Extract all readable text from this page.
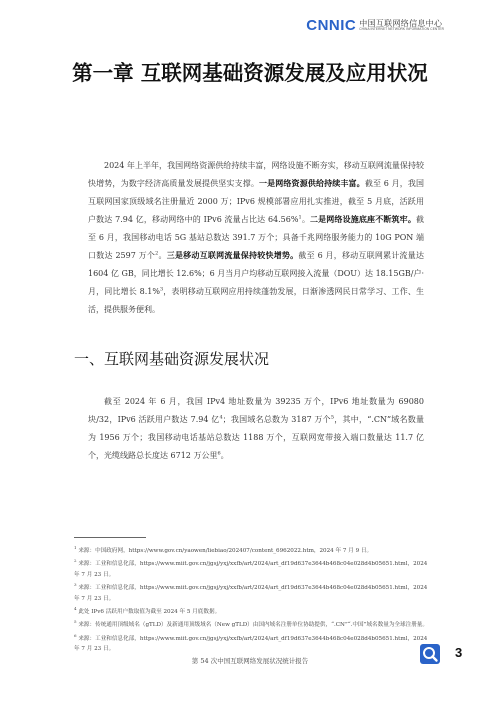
CNNIC 中国互联网络信息中心
CHINA INTERNET NETWORK INFORMATION CENTER
第一章 互联网基础资源发展及应用状况

2024 年上半年，我国网络资源供给持续丰富，网络设施不断夯实，移动互联网流量保持较快增势，为数字经济高质量发展提供坚实支撑。一是网络资源供给持续丰富。截至 6 月，我国互联网国家顶级域名注册量近 2000 万；IPv6 规模部署应用扎实推进，截至 5 月底，活跃用户数达 7.94 亿，移动网络中的 IPv6 流量占比达 64.56%$^1$。二是网络设施底座不断筑牢。截至 6 月，我国移动电话 5G 基站总数达 391.7 万个；具备千兆网络服务能力的 10G PON 端口数达 2597 万个$^2$。三是移动互联网流量保持较快增势。截至 6 月，移动互联网累计流量达 1604 亿 GB，同比增长 12.6%；6 月当月户均移动互联网接入流量（DOU）达 18.15GB/户·月，同比增长 8.1%$^3$，表明移动互联网应用持续蓬勃发展，日渐渗透网民日常学习、工作、生活，提供服务便利。

一、互联网基础资源发展状况

截至 2024 年 6 月，我国 IPv4 地址数量为 39235 万个，IPv6 地址数量为 69080 块/32，IPv6 活跃用户数达 7.94 亿$^4$；我国域名总数为 3187 万个$^5$，其中，“.CN”域名数量为 1956 万个；我国移动电话基站总数达 1188 万个，互联网宽带接入端口数量达 11.7 亿个，光缆线路总长度达 6712 万公里$^6$。

$^1$ 来源：中国政府网，https://www.gov.cn/yaowen/liebiao/202407/content_6962022.htm，2024 年 7 月 9 日。
$^2$ 来源：工业和信息化部，https://www.miit.gov.cn/jgsj/yxj/xxfb/art/2024/art_df19d637e3644b468c04e028d4b05651.html，2024 年 7 月 23 日。
$^3$ 来源：工业和信息化部，https://www.miit.gov.cn/jgsj/yxj/xxfb/art/2024/art_df19d637e3644b468c04e028d4b05651.html，2024 年 7 月 23 日。
$^4$ 此处 IPv6 活跃用户数取值为截至 2024 年 5 月底数据。
$^5$ 来源：传统通用顶级域名（gTLD）及新通用顶级域名（New gTLD）由国内域名注册单位协助提供，“.CN”“.中国”域名数量为全球注册量。
$^6$ 来源：工业和信息化部，https://www.miit.gov.cn/jgsj/yxj/xxfb/art/2024/art_df19d637e3644b468c04e028d4b05651.html，2024 年 7 月 23 日。
第 54 次中国互联网络发展状况统计报告
3
